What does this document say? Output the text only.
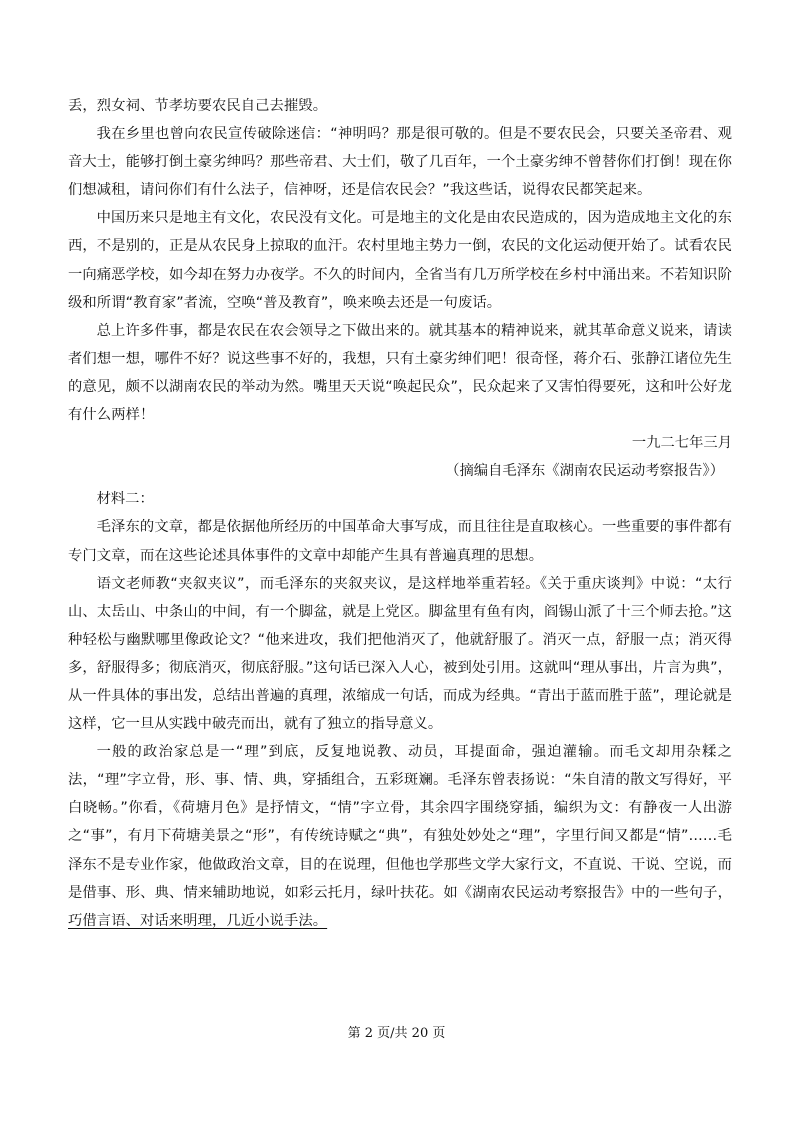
丢，烈女祠、节孝坊要农民自己去摧毁。

我在乡里也曾向农民宣传破除迷信：“神明吗？那是很可敬的。但是不要农民会，只要关圣帝君、观音大士，能够打倒土豪劣绅吗？那些帝君、大士们，敬了几百年，一个土豪劣绅不曾替你们打倒！现在你们想减租，请问你们有什么法子，信神呀，还是信农民会？”我这些话，说得农民都笑起来。

中国历来只是地主有文化，农民没有文化。可是地主的文化是由农民造成的，因为造成地主文化的东西，不是别的，正是从农民身上掠取的血汗。农村里地主势力一倒，农民的文化运动便开始了。试看农民一向痛恶学校，如今却在努力办夜学。不久的时间内，全省当有几万所学校在乡村中涌出来。不若知识阶级和所谓“教育家”者流，空唤“普及教育”，唤来唤去还是一句废话。

总上许多件事，都是农民在农会领导之下做出来的。就其基本的精神说来，就其革命意义说来，请读者们想一想，哪件不好？说这些事不好的，我想，只有土豪劣绅们吧！很奇怪，蒋介石、张静江诸位先生的意见，颇不以湖南农民的举动为然。嘴里天天说“唤起民众”，民众起来了又害怕得要死，这和叶公好龙有什么两样！

一九二七年三月

（摘编自毛泽东《湖南农民运动考察报告》）

材料二：

毛泽东的文章，都是依据他所经历的中国革命大事写成，而且往往是直取核心。一些重要的事件都有专门文章，而在这些论述具体事件的文章中却能产生具有普遍真理的思想。

语文老师教“夹叙夹议”，而毛泽东的夹叙夹议，是这样地举重若轻。《关于重庆谈判》中说：“太行山、太岳山、中条山的中间，有一个脚盆，就是上党区。脚盆里有鱼有肉，阎锡山派了十三个师去抢。”这种轻松与幽默哪里像政论文？“他来进攻，我们把他消灭了，他就舒服了。消灭一点，舒服一点；消灭得多，舒服得多；彻底消灭，彻底舒服。”这句话已深入人心，被到处引用。这就叫“理从事出，片言为典”，从一件具体的事出发，总结出普遍的真理，浓缩成一句话，而成为经典。“青出于蓝而胜于蓝”，理论就是这样，它一旦从实践中破壳而出，就有了独立的指导意义。

一般的政治家总是一“理”到底，反复地说教、动员，耳提面命，强迫灌输。而毛文却用杂糅之法，“理”字立骨，形、事、情、典，穿插组合，五彩斑斓。毛泽东曾表扬说：“朱自清的散文写得好，平白晓畅。”你看，《荷塘月色》是抒情文，“情”字立骨，其余四字围绕穿插，编织为文：有静夜一人出游之“事”，有月下荷塘美景之“形”，有传统诗赋之“典”，有独处妙处之“理”，字里行间又都是“情”……毛泽东不是专业作家，他做政治文章，目的在说理，但他也学那些文学大家行文，不直说、干说、空说，而是借事、形、典、情来辅助地说，如彩云托月，绿叶扶花。如《湖南农民运动考察报告》中的一些句子，巧借言语、对话来明理，几近小说手法。

第 2 页/共 20 页
